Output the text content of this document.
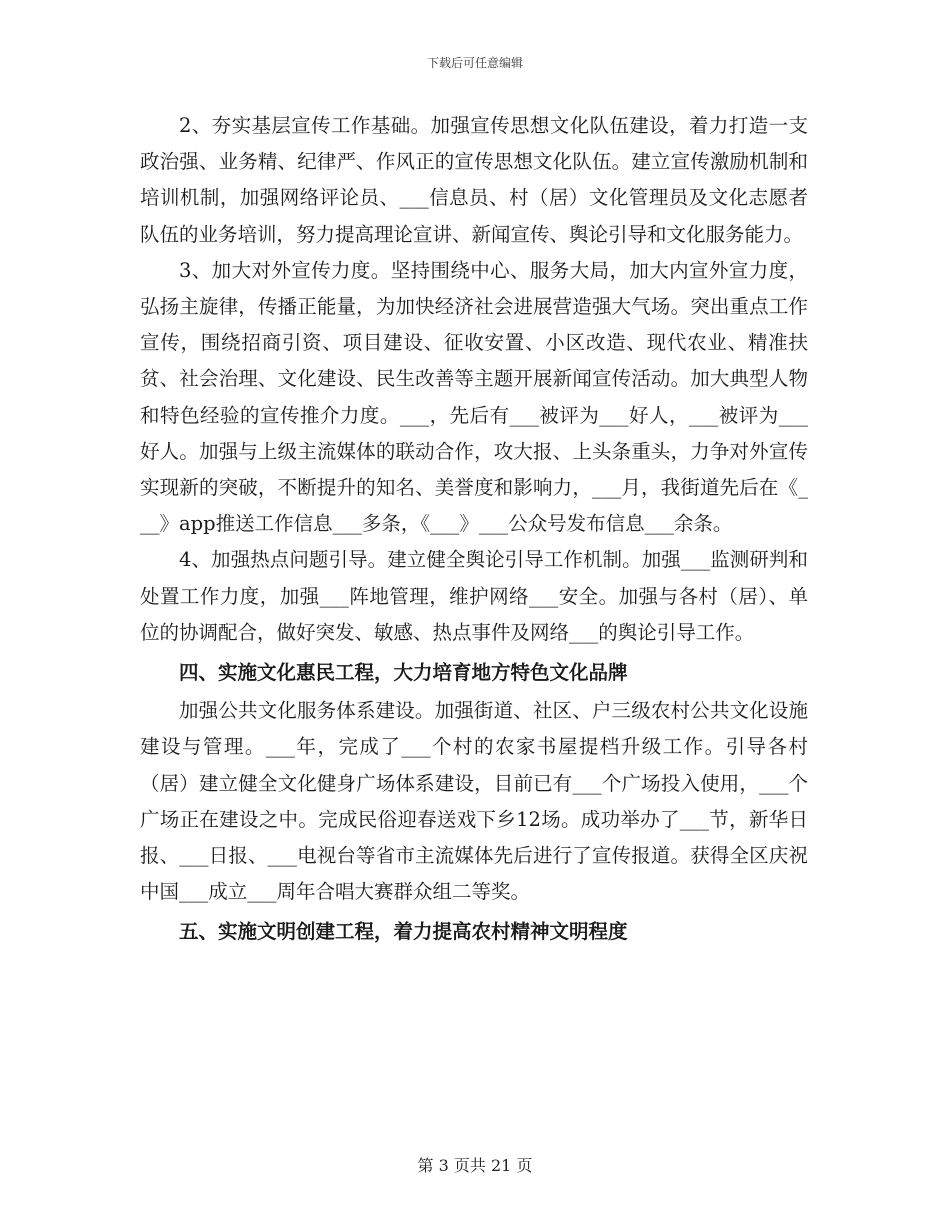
下载后可任意编辑

2、夯实基层宣传工作基础。加强宣传思想文化队伍建设，着力打造一支政治强、业务精、纪律严、作风正的宣传思想文化队伍。建立宣传激励机制和培训机制，加强网络评论员、___信息员、村（居）文化管理员及文化志愿者队伍的业务培训，努力提高理论宣讲、新闻宣传、舆论引导和文化服务能力。

3、加大对外宣传力度。坚持围绕中心、服务大局，加大内宣外宣力度，弘扬主旋律，传播正能量，为加快经济社会进展营造强大气场。突出重点工作宣传，围绕招商引资、项目建设、征收安置、小区改造、现代农业、精准扶贫、社会治理、文化建设、民生改善等主题开展新闻宣传活动。加大典型人物和特色经验的宣传推介力度。___，先后有___被评为___好人，___被评为___好人。加强与上级主流媒体的联动合作，攻大报、上头条重头，力争对外宣传实现新的突破，不断提升的知名、美誉度和影响力，___月，我街道先后在《___》app推送工作信息___多条，《___》___公众号发布信息___余条。

4、加强热点问题引导。建立健全舆论引导工作机制。加强___监测研判和处置工作力度，加强___阵地管理，维护网络___安全。加强与各村（居）、单位的协调配合，做好突发、敏感、热点事件及网络___的舆论引导工作。

四、实施文化惠民工程，大力培育地方特色文化品牌

加强公共文化服务体系建设。加强街道、社区、户三级农村公共文化设施建设与管理。___年，完成了___个村的农家书屋提档升级工作。引导各村（居）建立健全文化健身广场体系建设，目前已有___个广场投入使用，___个广场正在建设之中。完成民俗迎春送戏下乡12场。成功举办了___节，新华日报、___日报、___电视台等省市主流媒体先后进行了宣传报道。获得全区庆祝中国___成立___周年合唱大赛群众组二等奖。

五、实施文明创建工程，着力提高农村精神文明程度

第 3 页共 21 页
